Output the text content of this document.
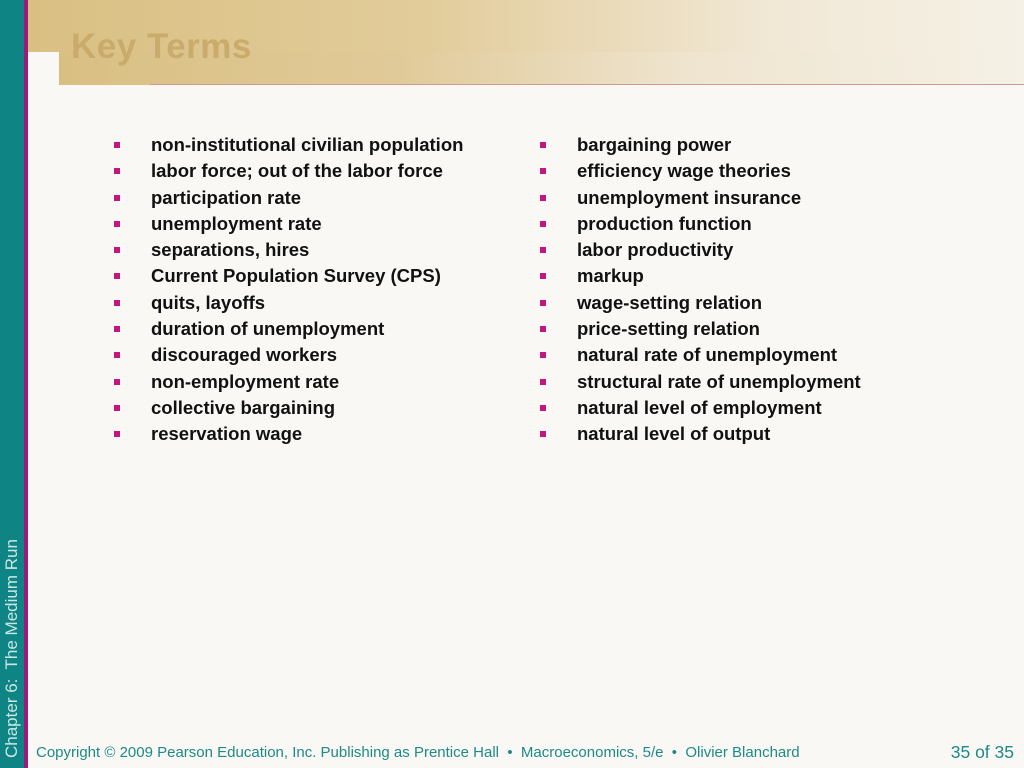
Chapter 6:  The Medium Run
Key Terms
non-institutional civilian population
labor force; out of the labor force
participation rate
unemployment rate
separations, hires
Current Population Survey (CPS)
quits, layoffs
duration of unemployment
discouraged workers
non-employment rate
collective bargaining
reservation wage
bargaining power
efficiency wage theories
unemployment insurance
production function
labor productivity
markup
wage-setting relation
price-setting relation
natural rate of unemployment
structural rate of unemployment
natural level of employment
natural level of output
Copyright © 2009 Pearson Education, Inc. Publishing as Prentice Hall  •  Macroeconomics, 5/e  •  Olivier Blanchard	35 of 35
